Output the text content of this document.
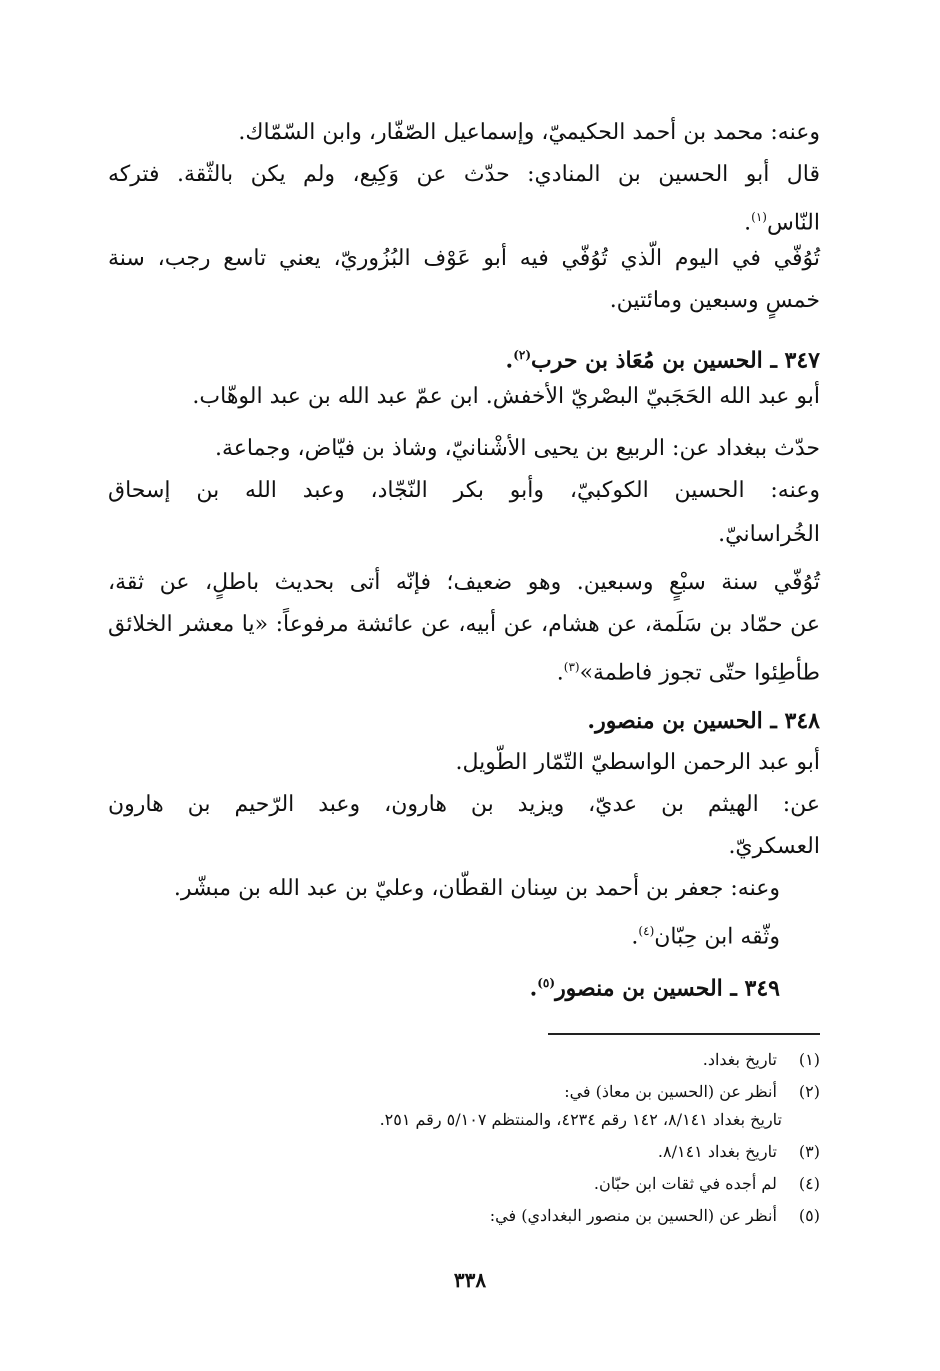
وعنه: محمد بن أحمد الحكيميّ، وإسماعيل الصّفّار، وابن السّمّاك.
قال أبو الحسين بن المنادي: حدّث عن وَكِيع، ولم يكن بالثّقة. فتركه
النّاس$^{(١)}$.
تُوُفّي في اليوم الّذي تُوُفّي فيه أبو عَوْف البُزُوريّ، يعني تاسع رجب، سنة
خمسٍ وسبعين ومائتين.
٣٤٧ ـ الحسين بن مُعَاذ بن حرب$^{(٢)}$.
أبو عبد الله الحَجَبيّ البصْريّ الأخفش. ابن عمّ عبد الله بن عبد الوهّاب.
حدّث ببغداد عن: الربيع بن يحيى الأشْنانيّ، وشاذ بن فيّاض، وجماعة.
وعنه: الحسين الكوكبيّ، وأبو بكر النّجّاد، وعبد الله بن إسحاق
الخُراسانيّ.
تُوُفّي سنة سبْعٍ وسبعين. وهو ضعيف؛ فإنّه أتى بحديث باطلٍ، عن ثقة،
عن حمّاد بن سَلَمة، عن هشام، عن أبيه، عن عائشة مرفوعاً: «يا معشر الخلائق
طأطِئوا حتّى تجوز فاطمة»$^{(٣)}$.
٣٤٨ ـ الحسين بن منصور.
أبو عبد الرحمن الواسطيّ التّمّار الطّويل.
عن: الهيثم بن عديّ، ويزيد بن هارون، وعبد الرّحيم بن هارون
العسكريّ.
وعنه: جعفر بن أحمد بن سِنان القطّان، وعليّ بن عبد الله بن مبشّر.
وثّقه ابن حِبّان$^{(٤)}$.
٣٤٩ ـ الحسين بن منصور$^{(٥)}$.
(١) تاريخ بغداد.
(٢) أنظر عن (الحسين بن معاذ) في:
تاريخ بغداد ٨/١٤١، ١٤٢ رقم ٤٢٣٤، والمنتظم ٥/١٠٧ رقم ٢٥١.
(٣) تاريخ بغداد ٨/١٤١.
(٤) لم أجده في ثقات ابن حبّان.
(٥) أنظر عن (الحسين بن منصور البغدادي) في:
٣٣٨
